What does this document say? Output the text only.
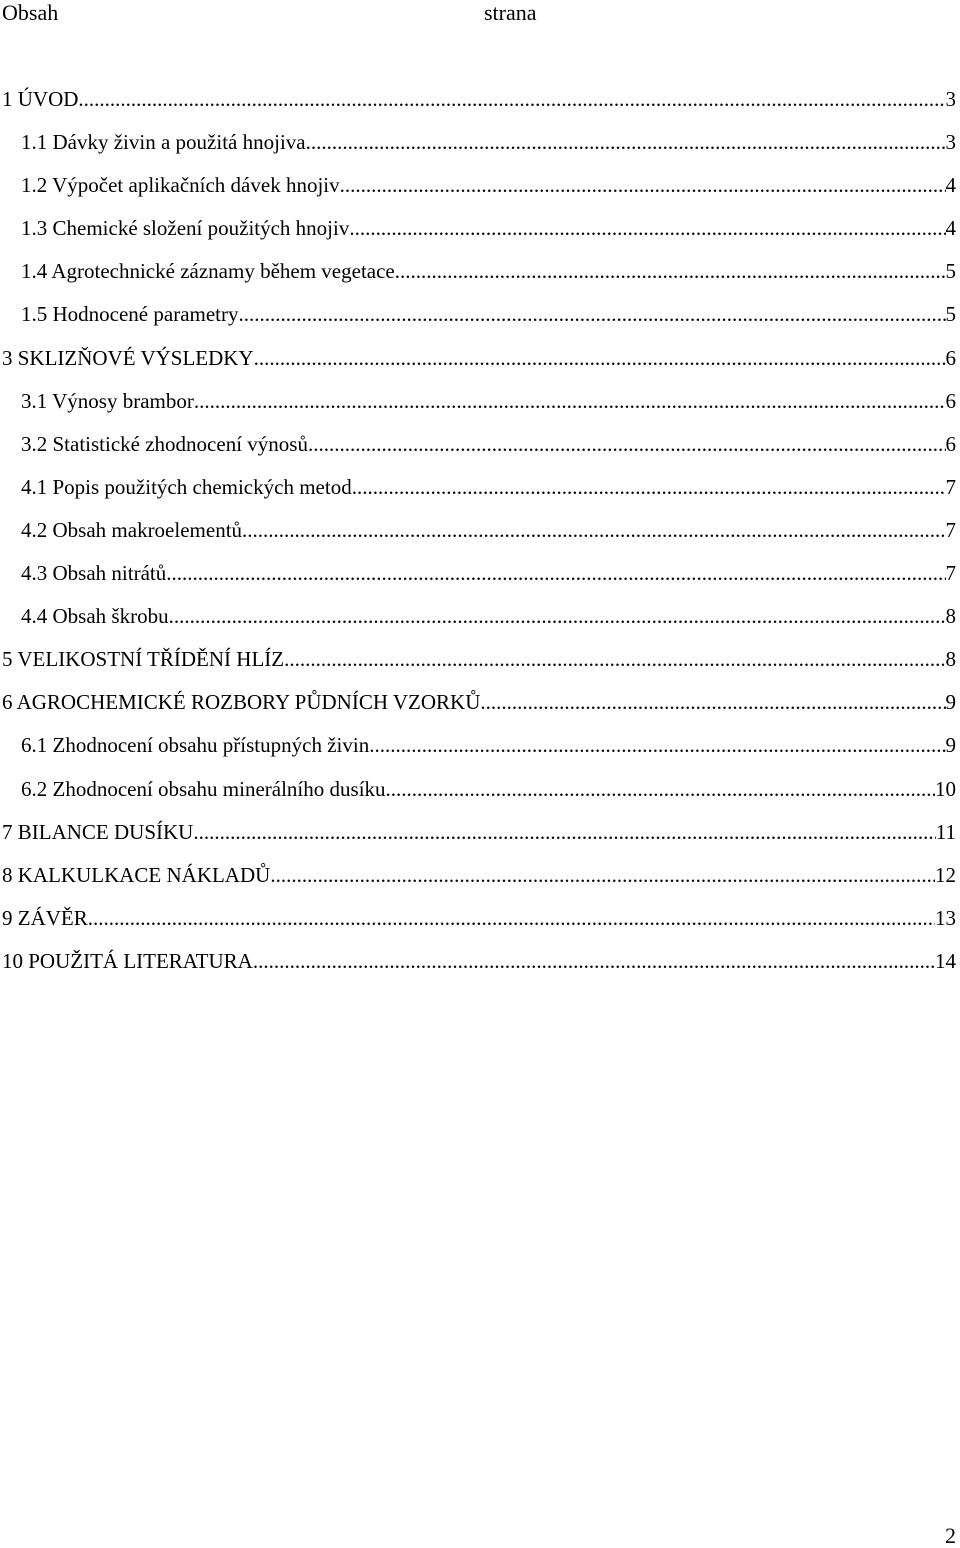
Obsah	strana
1 ÚVOD .....	3
1.1 Dávky živin a použitá hnojiva .....	3
1.2 Výpočet aplikačních dávek hnojiv .....	4
1.3 Chemické složení použitých hnojiv .....	4
1.4 Agrotechnické záznamy během vegetace .....	5
1.5 Hodnocené parametry .....	5
3 SKLIZŇOVÉ VÝSLEDKY .....	6
3.1 Výnosy brambor .....	6
3.2 Statistické zhodnocení výnosů .....	6
4.1 Popis použitých chemických metod .....	7
4.2 Obsah makroelementů .....	7
4.3 Obsah nitrátů .....	7
4.4 Obsah škrobu .....	8
5 VELIKOSTNÍ TŘÍDĚNÍ HLÍZ .....	8
6 AGROCHEMICKÉ ROZBORY PŮDNÍCH VZORKŮ .....	9
6.1 Zhodnocení obsahu přístupných živin .....	9
6.2 Zhodnocení obsahu minerálního dusíku .....	10
7 BILANCE DUSÍKU .....	11
8 KALKULKACE NÁKLADŮ .....	12
9 ZÁVĚR .....	13
10 POUŽITÁ LITERATURA .....	14
2
